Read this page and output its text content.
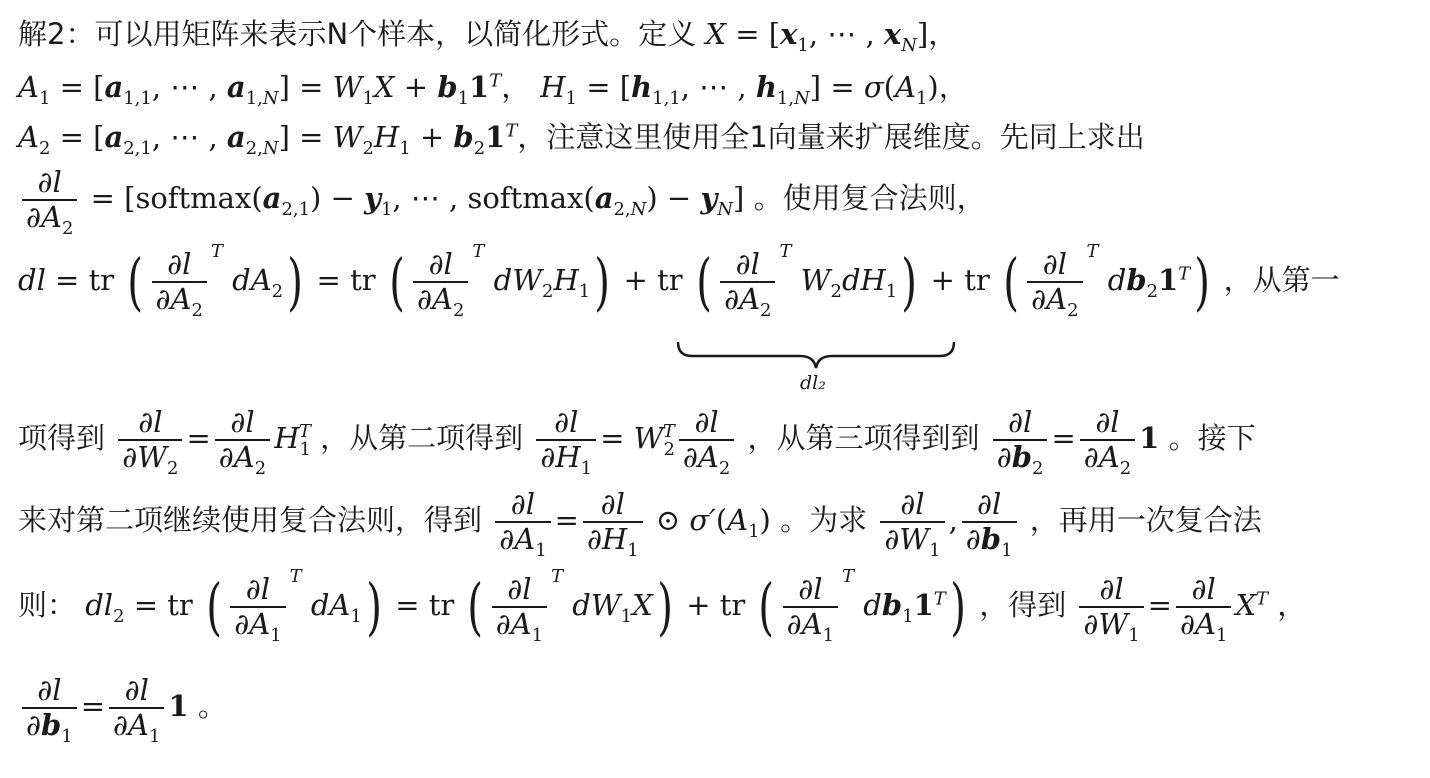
解2：可以用矩阵来表示N个样本，以简化形式。定义 $X = [x_1$, ⋯ , $x_N$]，
$A_1 = [a_{1,1}$, ⋯ , $a_{1,N}] = W_1X + b_11^T$， $H_1 = [h_{1,1}$, ⋯ , $h_{1,N}] = \sigma(A_1)$，
$A_2 = [a_{2,1}$, ⋯ , $a_{2,N}] = W_2H_1 + b_21^T$，注意这里使用全1向量来扩展维度。先同上求出
$\frac{\partial l}{\partial A_2}$ = [$softmax(a_{2,1}) - y_1$, ⋯ , $softmax(a_{2,N}) - y_N$] 。使用复合法则，
dl = tr ( $\frac{\partial l}{\partial A_2} ^T$ $dA_2$) = tr ( $\frac{\partial l}{\partial A_2} ^T$ $dW_2H_1$) + tr ( $\frac{\partial l}{\partial A_2} ^T$ $W_2dH_1$) + tr ( $\frac{\partial l}{\partial A_2} ^T$ $db_21^T$) ，从第一
dl₂
项得到 $\frac{\partial l}{\partial W_2} = \frac{\partial l}{\partial A_2} H_1^T$ ，从第二项得到 $\frac{\partial l}{\partial H_1} = W_2^T \frac{\partial l}{\partial A_2}$ ，从第三项得到到 $\frac{\partial l}{\partial b_2} = \frac{\partial l}{\partial A_2} 1$ 。接下
来对第二项继续使用复合法则，得到 $\frac{\partial l}{\partial A_1} = \frac{\partial l}{\partial H_1}$ ⊙ $\sigma'(A_1)$ 。为求 $\frac{\partial l}{\partial W_1}$ , $\frac{\partial l}{\partial b_1}$ ，再用一次复合法
则： $dl_2$ = tr ( $\frac{\partial l}{\partial A_1} ^T$ $dA_1$) = tr ( $\frac{\partial l}{\partial A_1} ^T$ $dW_1X$) + tr ( $\frac{\partial l}{\partial A_1} ^T$ $db_11^T$) ，得到 $\frac{\partial l}{\partial W_1} = \frac{\partial l}{\partial A_1} X^T$ ，
$\frac{\partial l}{\partial b_1} = \frac{\partial l}{\partial A_1} 1$ 。
